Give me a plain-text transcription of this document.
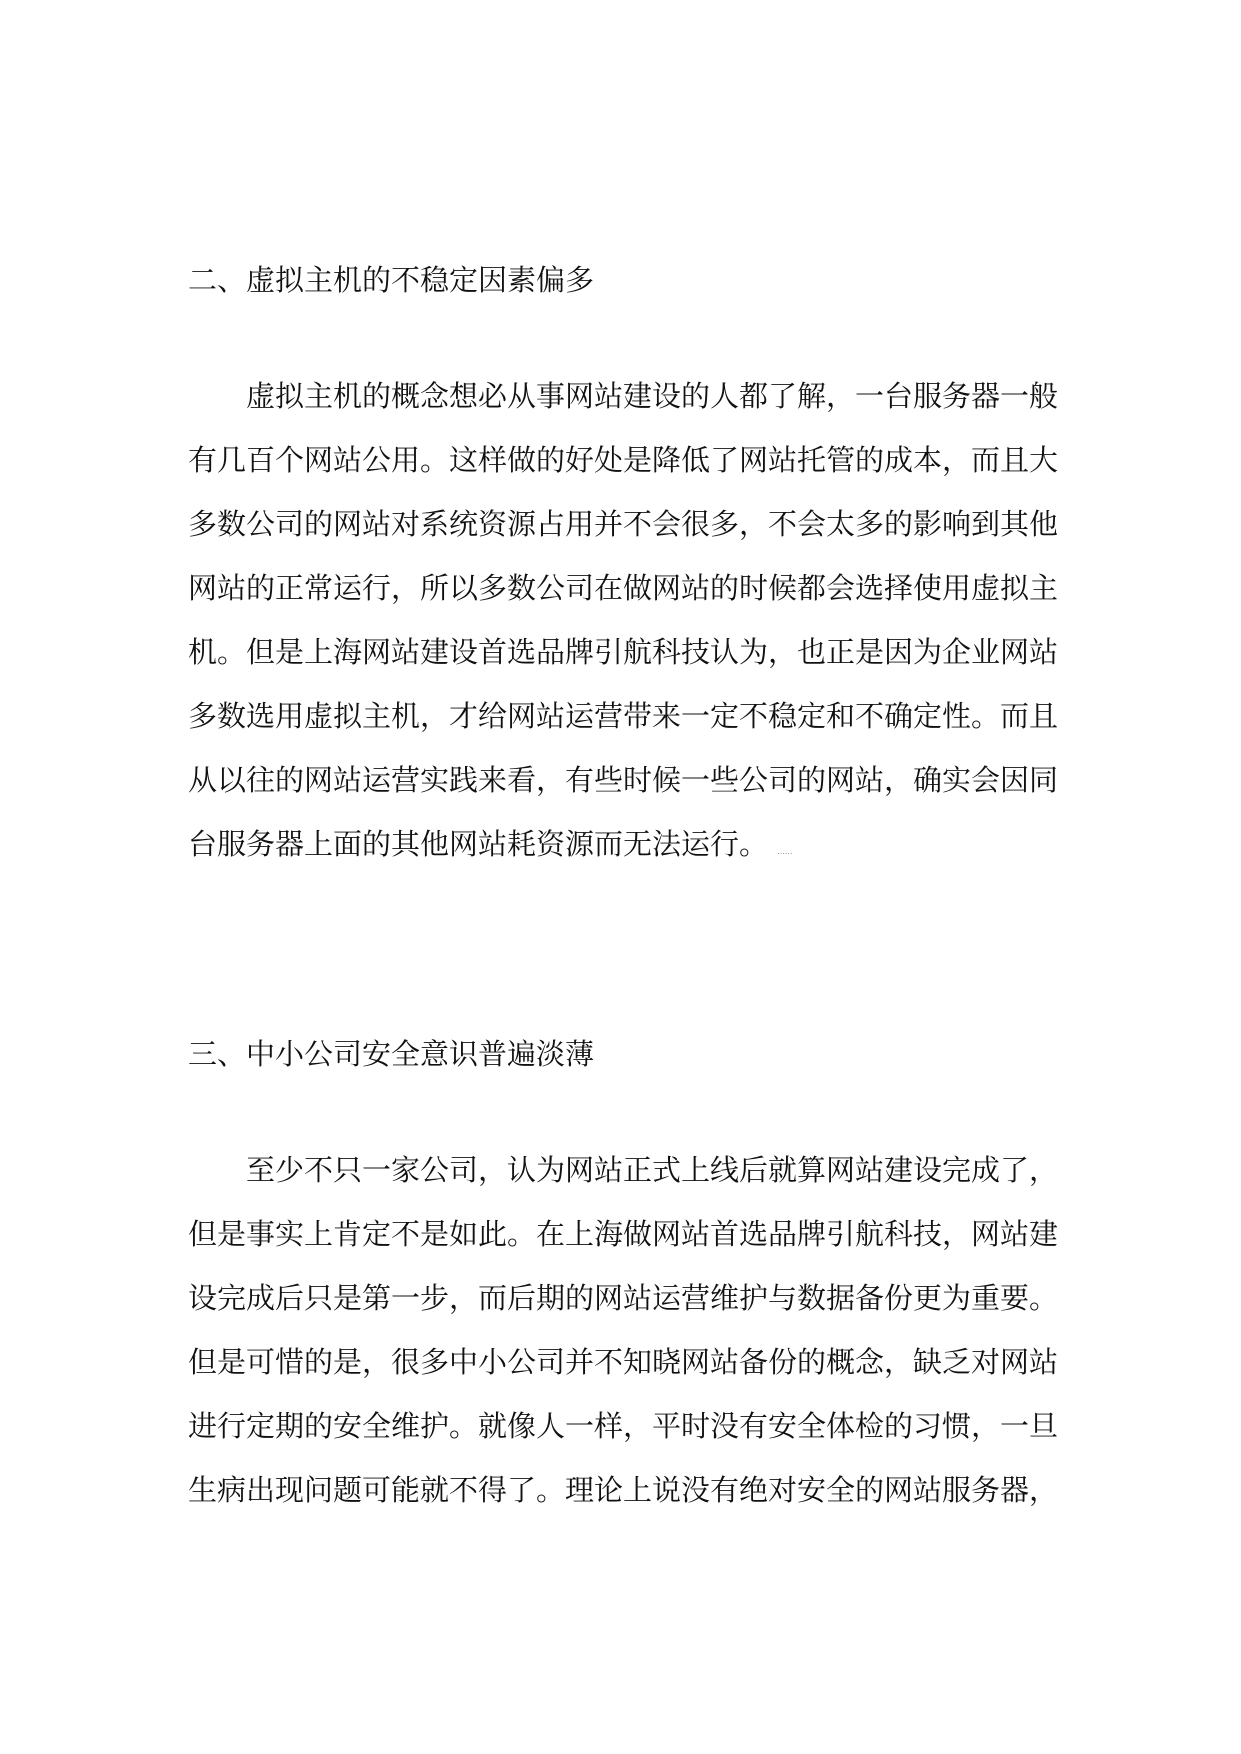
二、虚拟主机的不稳定因素偏多
虚拟主机的概念想必从事网站建设的人都了解，一台服务器一般
有几百个网站公用。这样做的好处是降低了网站托管的成本，而且大
多数公司的网站对系统资源占用并不会很多，不会太多的影响到其他
网站的正常运行，所以多数公司在做网站的时候都会选择使用虚拟主
机。但是上海网站建设首选品牌引航科技认为，也正是因为企业网站
多数选用虚拟主机，才给网站运营带来一定不稳定和不确定性。而且
从以往的网站运营实践来看，有些时候一些公司的网站，确实会因同
台服务器上面的其他网站耗资源而无法运行。 ......
三、中小公司安全意识普遍淡薄
至少不只一家公司，认为网站正式上线后就算网站建设完成了，
但是事实上肯定不是如此。在上海做网站首选品牌引航科技，网站建
设完成后只是第一步，而后期的网站运营维护与数据备份更为重要。
但是可惜的是，很多中小公司并不知晓网站备份的概念，缺乏对网站
进行定期的安全维护。就像人一样，平时没有安全体检的习惯，一旦
生病出现问题可能就不得了。理论上说没有绝对安全的网站服务器，
